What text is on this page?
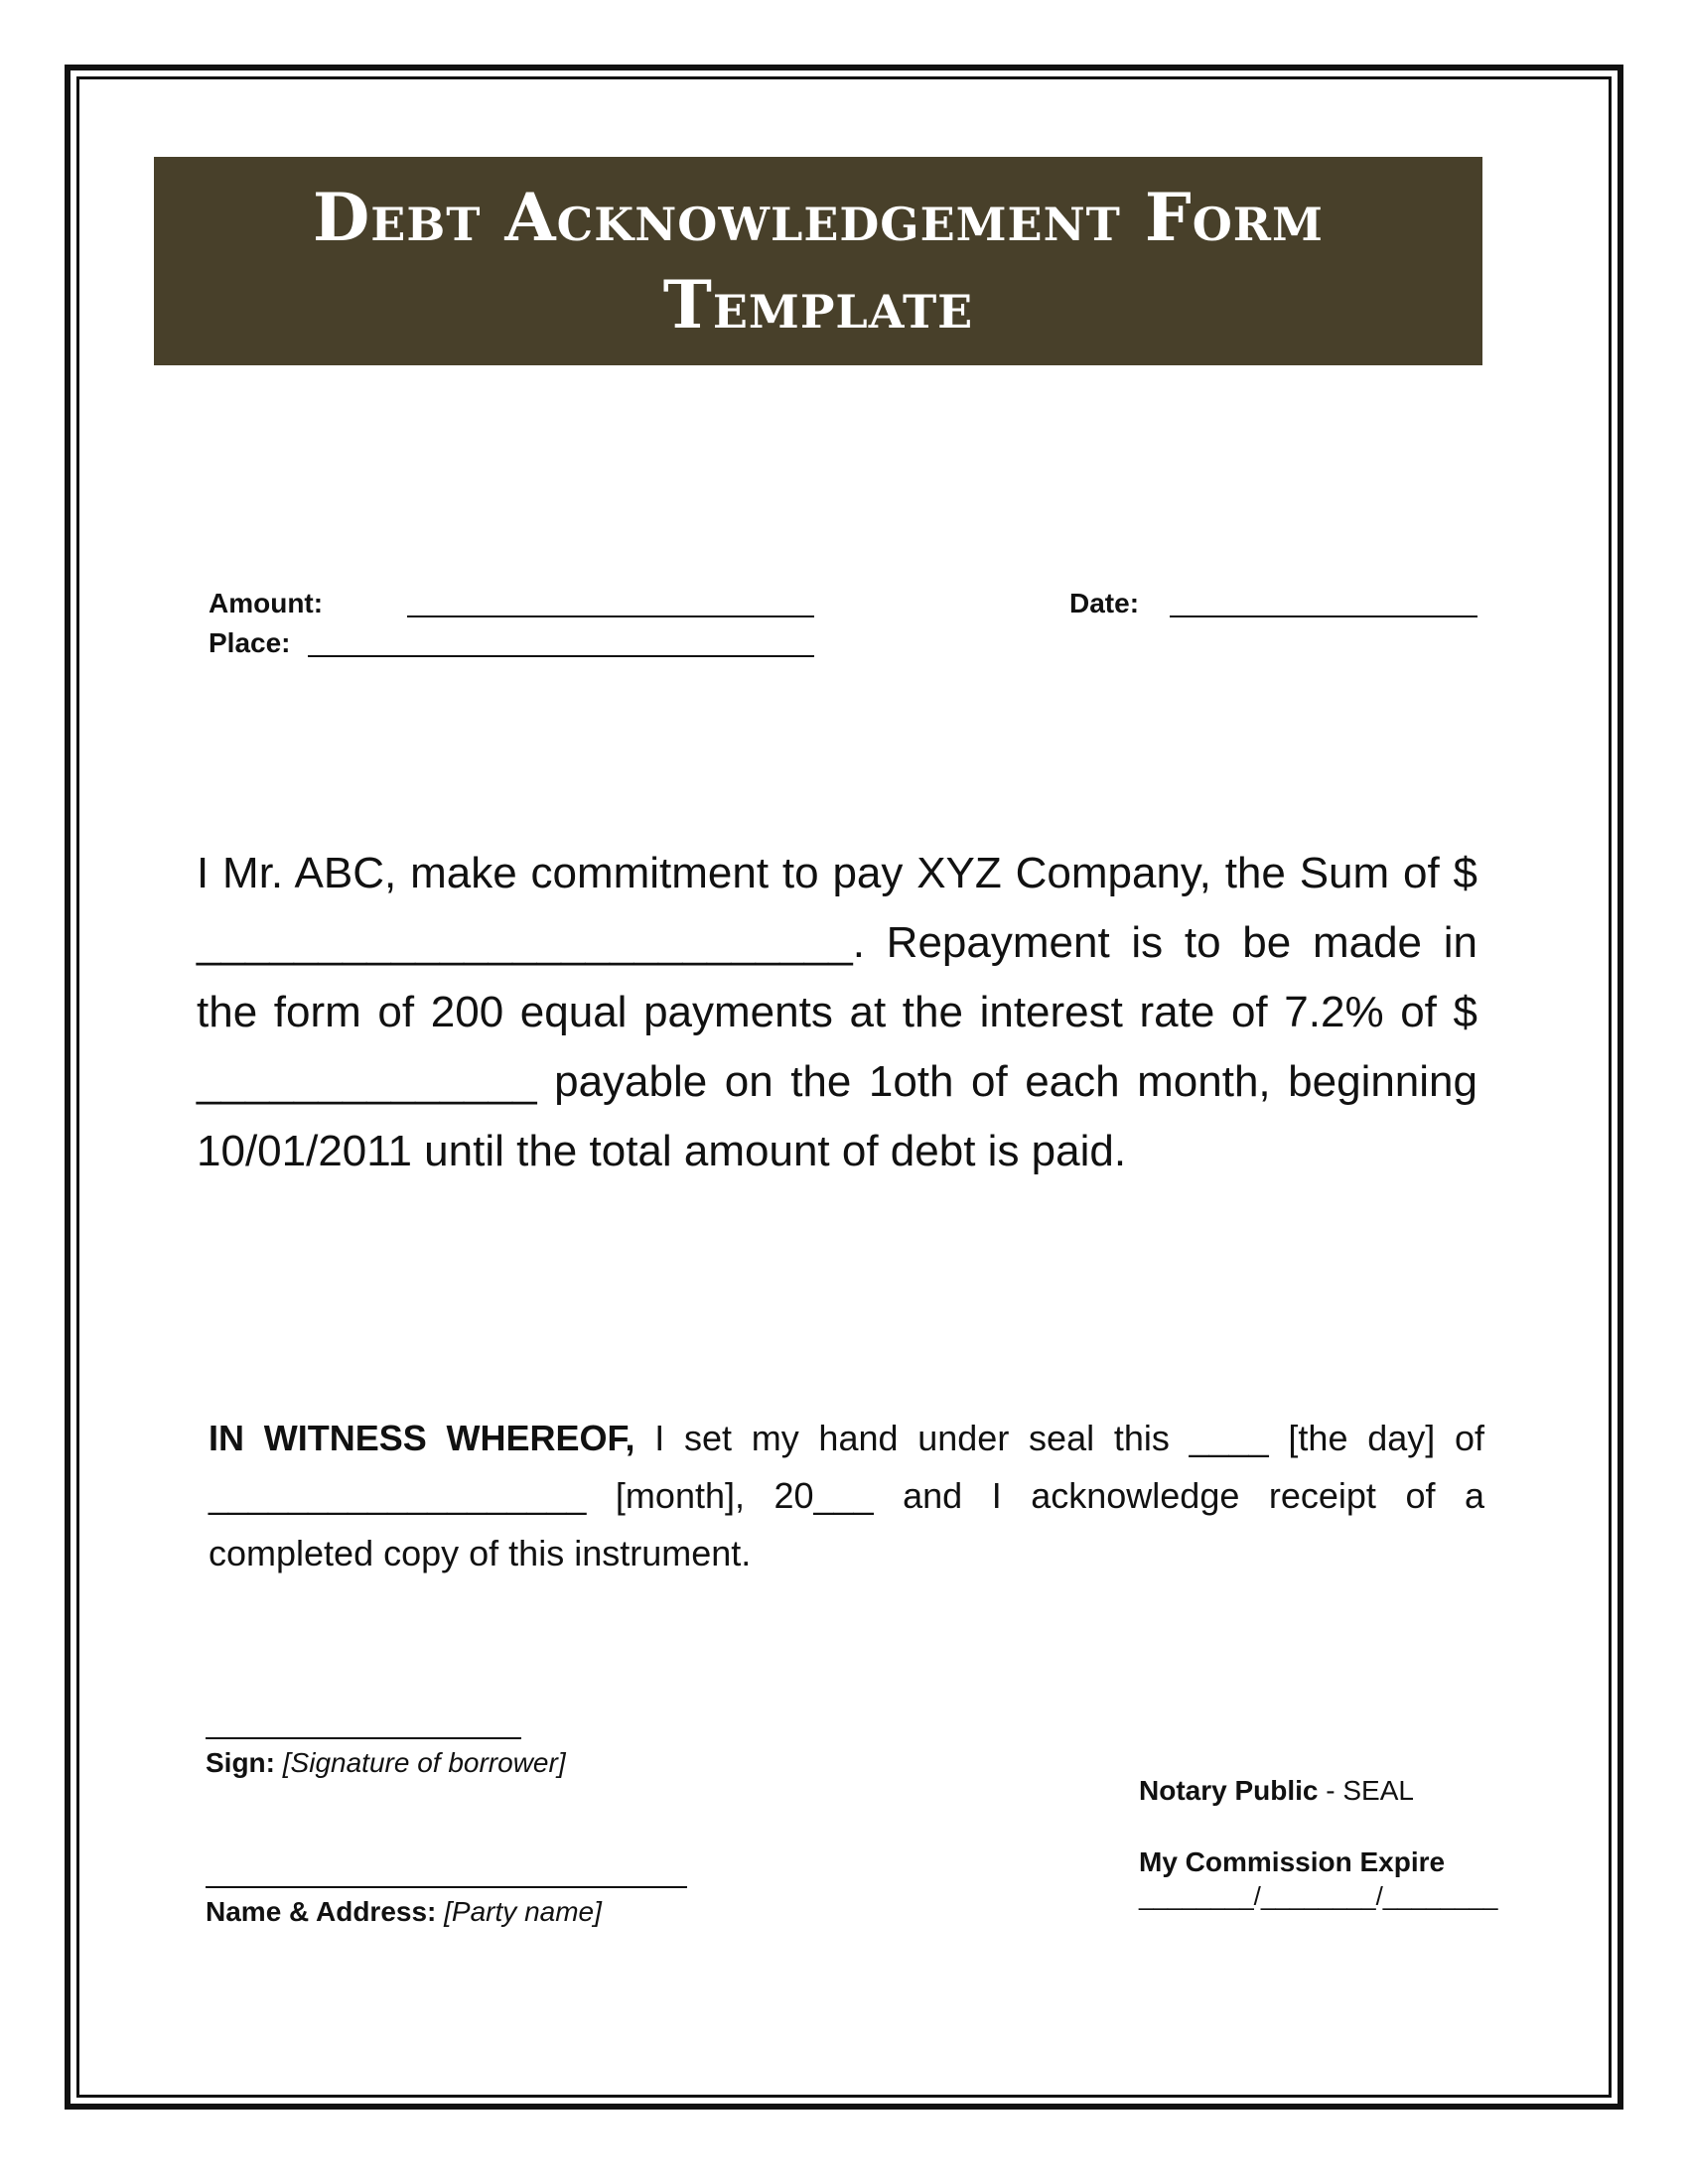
Debt Acknowledgement Form
Template
Amount:	Date:
Place:
I Mr. ABC, make commitment to pay XYZ Company, the Sum of $ ___________________________. Repayment is to be made in the form of 200 equal payments at the interest rate of 7.2% of $ ______________ payable on the 1oth of each month, beginning 10/01/2011 until the total amount of debt is paid.
IN WITNESS WHEREOF, I set my hand under seal this ____ [the day] of ___________________ [month], 20___ and I acknowledge receipt of a completed copy of this instrument.
Sign: [Signature of borrower]
Name & Address: [Party name]
Notary Public - SEAL
My Commission Expire
________/________/________
